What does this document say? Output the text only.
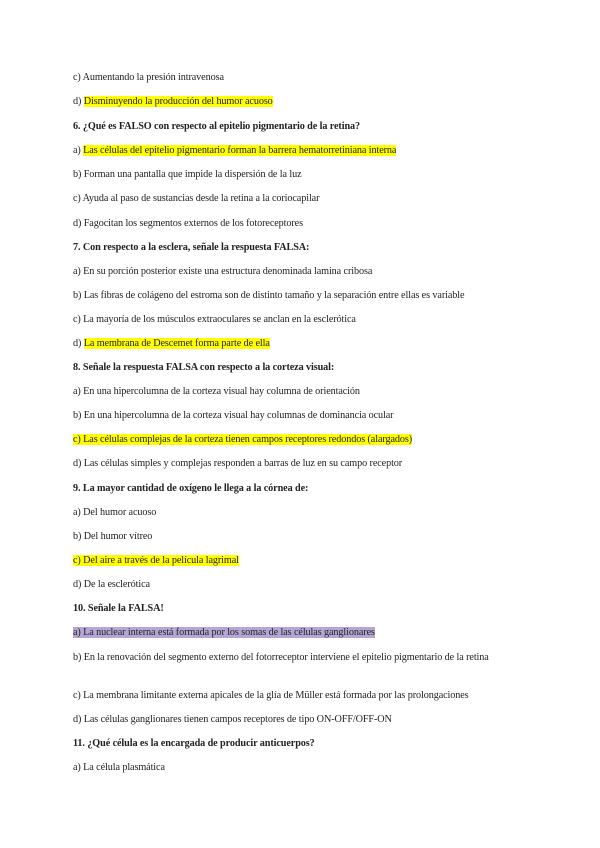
c) Aumentando la presión intravenosa
d) Disminuyendo la producción del humor acuoso
6. ¿Qué es FALSO con respecto al epitelio pigmentario de la retina?
a) Las células del epitelio pigmentario forman la barrera hematorretiniana interna
b) Forman una pantalla que impide la dispersión de la luz
c) Ayuda al paso de sustancias desde la retina a la coriocapilar
d) Fagocitan los segmentos externos de los fotoreceptores
7. Con respecto a la esclera, señale la respuesta FALSA:
a) En su porción posterior existe una estructura denominada lamina cribosa
b) Las fibras de colágeno del estroma son de distinto tamaño y la separación entre ellas es variable
c) La mayoría de los músculos extraoculares se anclan en la esclerótica
d) La membrana de Descemet forma parte de ella
8. Señale la respuesta FALSA con respecto a la corteza visual:
a) En una hipercolumna de la corteza visual hay columna de orientación
b) En una hipercolumna de la corteza visual hay columnas de dominancia ocular
c) Las células complejas de la corteza tienen campos receptores redondos (alargados)
d) Las células simples y complejas responden a barras de luz en su campo receptor
9. La mayor cantidad de oxígeno le llega a la córnea de:
a) Del humor acuoso
b) Del humor vítreo
c) Del aire a través de la película lagrimal
d) De la esclerótica
10. Señale la FALSA!
a) La nuclear interna está formada por los somas de las células ganglionares
b) En la renovación del segmento externo del fotorreceptor interviene el epitelio pigmentario de la retina
c) La membrana limitante externa apicales de la glía de Müller está formada por las prolongaciones
d) Las células ganglionares tienen campos receptores de tipo ON-OFF/OFF-ON
11. ¿Qué célula es la encargada de producir anticuerpos?
a) La célula plasmática
